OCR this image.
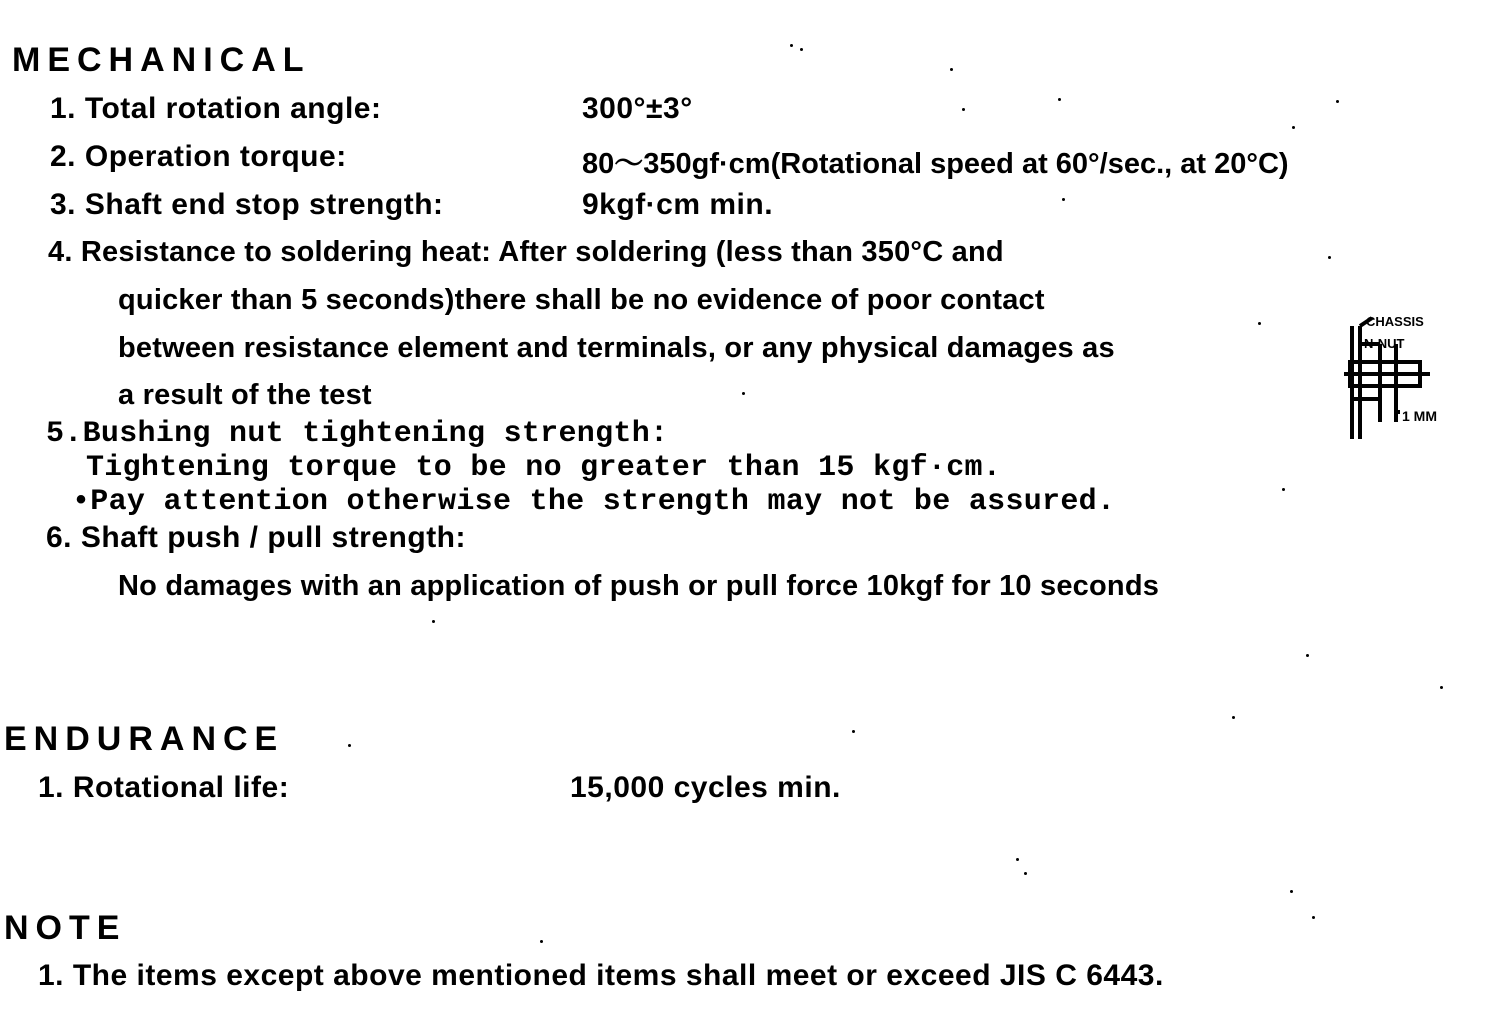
MECHANICAL
1. Total rotation angle:	300°±3°
2. Operation torque:	80～350gf·cm(Rotational speed at 60°/sec., at 20°C)
3. Shaft end stop strength:	9kgf·cm min.
4. Resistance to soldering heat: After soldering (less than 350°C and
quicker than 5 seconds)there shall be no evidence of poor contact
between resistance element and terminals, or any physical damages as
a result of the test
5.Bushing nut tightening strength:
Tightening torque to be no greater than 15 kgf·cm.
•Pay attention otherwise the strength may not be assured.
6. Shaft push / pull strength:
No damages with an application of push or pull force 10kgf for 10 seconds
CHASSIS
N-NUT
1 MM
ENDURANCE
1. Rotational life:	15,000 cycles min.
NOTE
1. The items except above mentioned items shall meet or exceed JIS C 6443.
